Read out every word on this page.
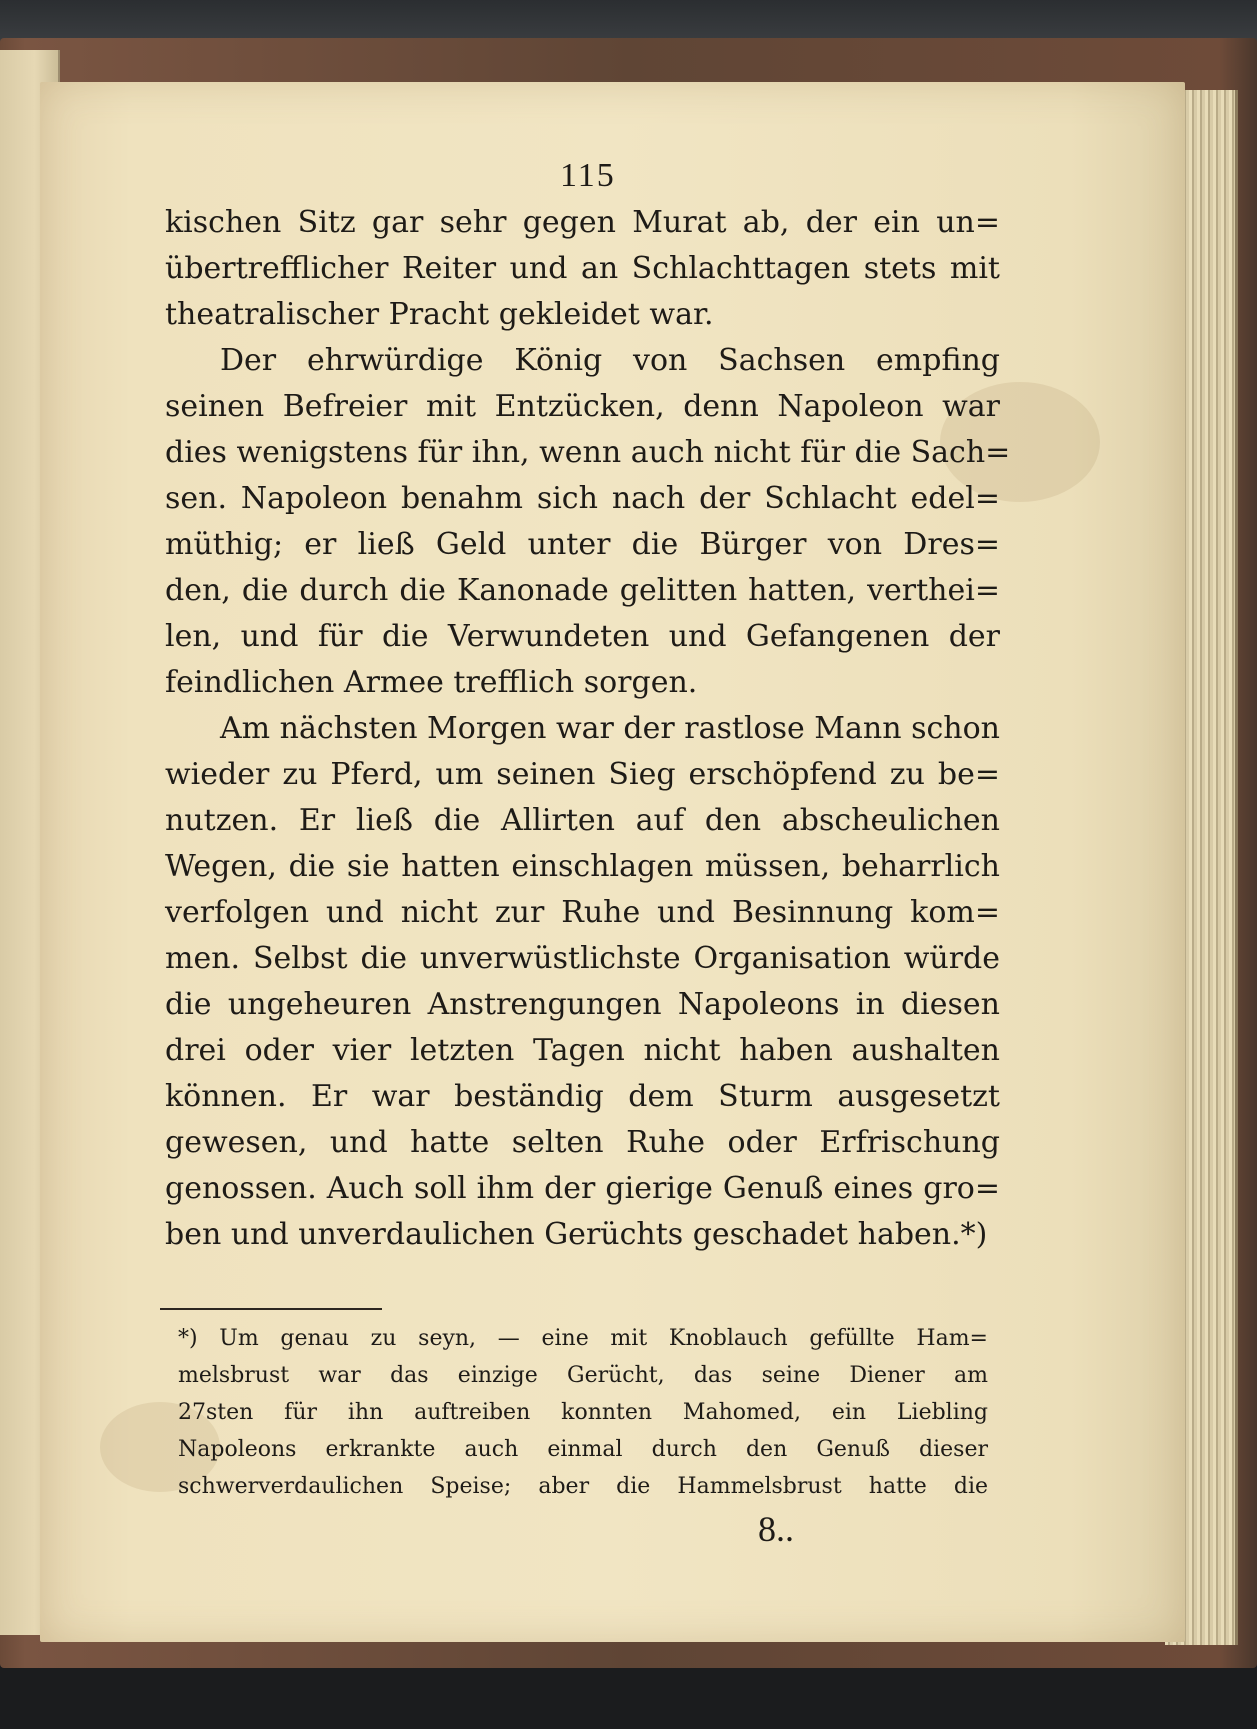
115
kischen Sitz gar sehr gegen Murat ab, der ein un=
übertrefflicher Reiter und an Schlachttagen stets mit
theatralischer Pracht gekleidet war.
Der ehrwürdige König von Sachsen empfing
seinen Befreier mit Entzücken, denn Napoleon war
dies wenigstens für ihn, wenn auch nicht für die Sach=
sen. Napoleon benahm sich nach der Schlacht edel=
müthig; er ließ Geld unter die Bürger von Dres=
den, die durch die Kanonade gelitten hatten, verthei=
len, und für die Verwundeten und Gefangenen der
feindlichen Armee trefflich sorgen.
Am nächsten Morgen war der rastlose Mann schon
wieder zu Pferd, um seinen Sieg erschöpfend zu be=
nutzen. Er ließ die Allirten auf den abscheulichen
Wegen, die sie hatten einschlagen müssen, beharrlich
verfolgen und nicht zur Ruhe und Besinnung kom=
men. Selbst die unverwüstlichste Organisation würde
die ungeheuren Anstrengungen Napoleons in diesen
drei oder vier letzten Tagen nicht haben aushalten
können. Er war beständig dem Sturm ausgesetzt
gewesen, und hatte selten Ruhe oder Erfrischung
genossen. Auch soll ihm der gierige Genuß eines gro=
ben und unverdaulichen Gerüchts geschadet haben.*)
*) Um genau zu seyn, — eine mit Knoblauch gefüllte Ham=
melsbrust war das einzige Gerücht, das seine Diener am
27sten für ihn auftreiben konnten Mahomed, ein Liebling
Napoleons erkrankte auch einmal durch den Genuß dieser
schwerverdaulichen Speise; aber die Hammelsbrust hatte die
8..
